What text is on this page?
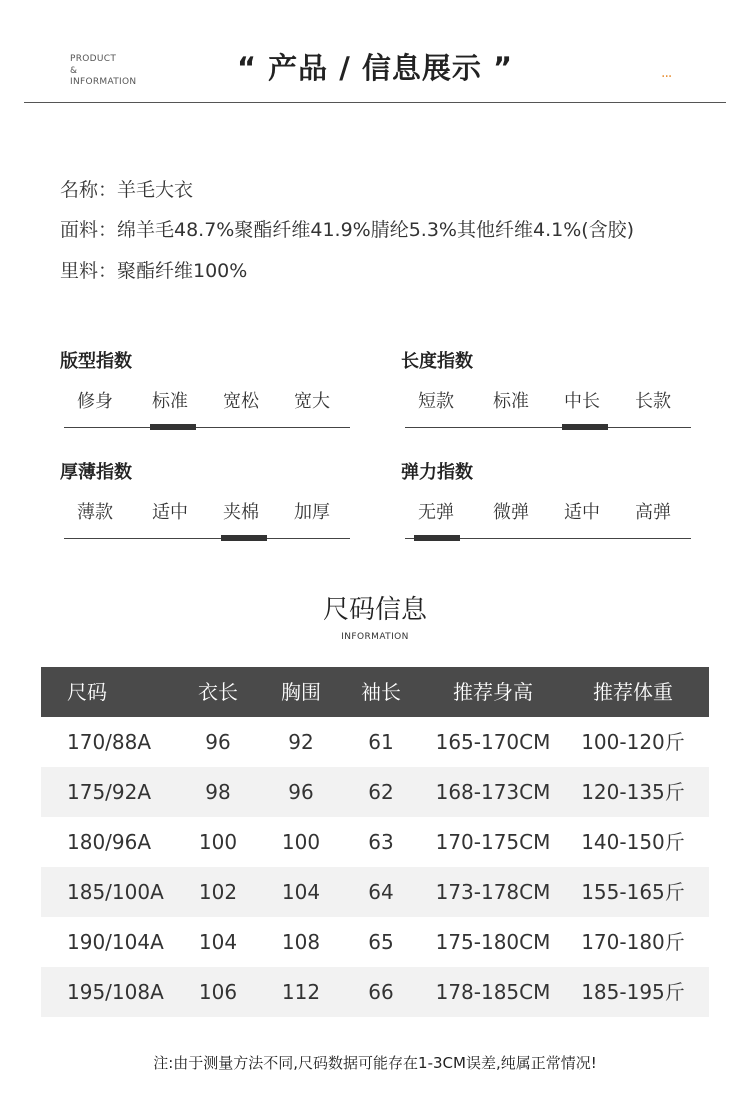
PRODUCT
&
INFORMATION	“ 产品 / 信息展示 ”	···
名称：羊毛大衣
面料：绵羊毛48.7%聚酯纤维41.9%腈纶5.3%其他纤维4.1%(含胶)
里料：聚酯纤维100%
版型指数
修身	标准	宽松	宽大
长度指数
短款	标准	中长	长款
厚薄指数
薄款	适中	夹棉	加厚
弹力指数
无弹	微弹	适中	高弹
尺码信息
INFORMATION
尺码	衣长	胸围	袖长	推荐身高	推荐体重
170/88A	96	92	61	165-170CM	100-120斤
175/92A	98	96	62	168-173CM	120-135斤
180/96A	100	100	63	170-175CM	140-150斤
185/100A	102	104	64	173-178CM	155-165斤
190/104A	104	108	65	175-180CM	170-180斤
195/108A	106	112	66	178-185CM	185-195斤
注:由于测量方法不同,尺码数据可能存在1-3CM误差,纯属正常情况!
